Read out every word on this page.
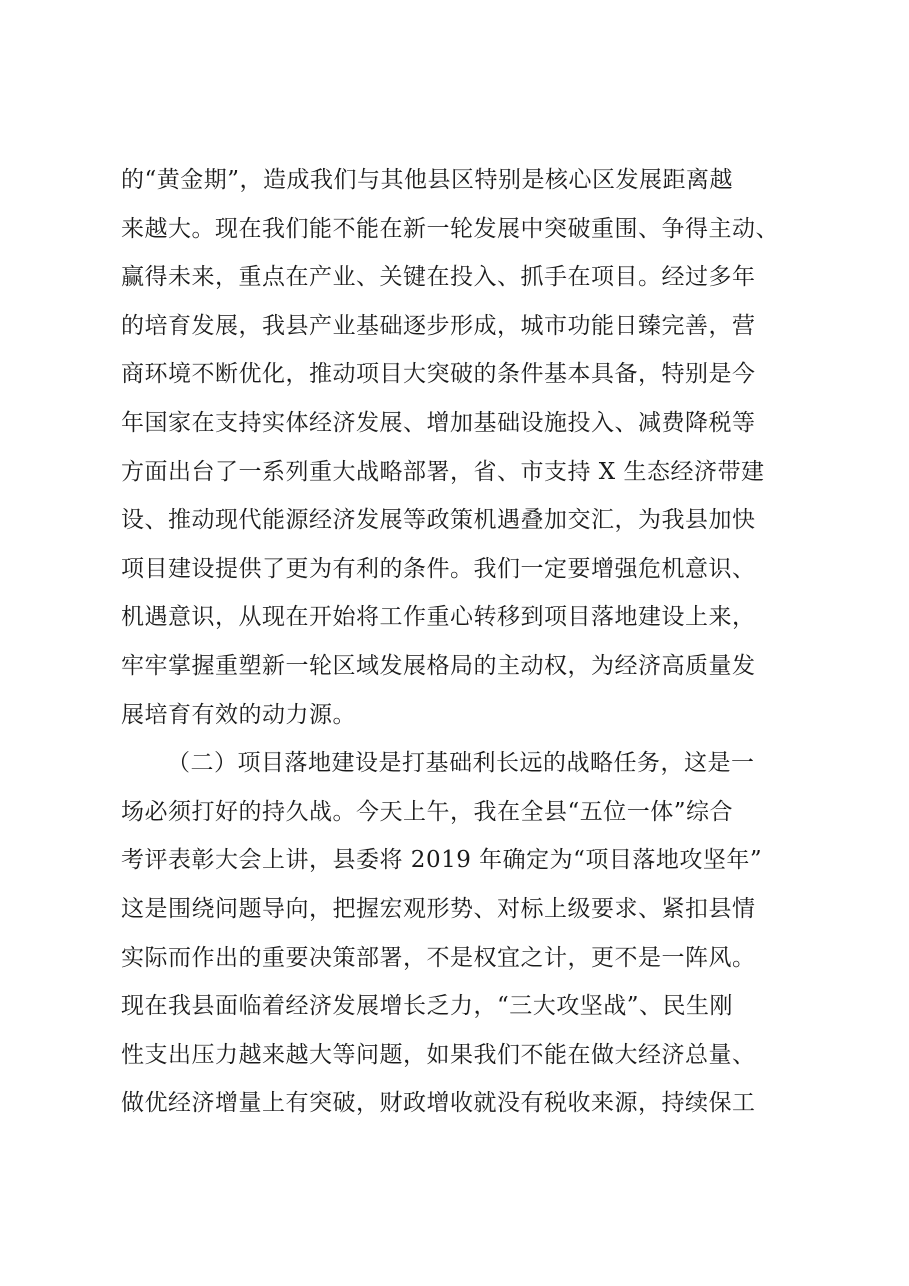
的“黄金期”，造成我们与其他县区特别是核心区发展距离越
来越大。现在我们能不能在新一轮发展中突破重围、争得主动、
赢得未来，重点在产业、关键在投入、抓手在项目。经过多年
的培育发展，我县产业基础逐步形成，城市功能日臻完善，营
商环境不断优化，推动项目大突破的条件基本具备，特别是今
年国家在支持实体经济发展、增加基础设施投入、减费降税等
方面出台了一系列重大战略部署，省、市支持 X 生态经济带建
设、推动现代能源经济发展等政策机遇叠加交汇，为我县加快
项目建设提供了更为有利的条件。我们一定要增强危机意识、
机遇意识，从现在开始将工作重心转移到项目落地建设上来，
牢牢掌握重塑新一轮区域发展格局的主动权，为经济高质量发
展培育有效的动力源。
（二）项目落地建设是打基础利长远的战略任务，这是一
场必须打好的持久战。今天上午，我在全县“五位一体”综合
考评表彰大会上讲，县委将 2019 年确定为“项目落地攻坚年”
这是围绕问题导向，把握宏观形势、对标上级要求、紧扣县情
实际而作出的重要决策部署，不是权宜之计，更不是一阵风。
现在我县面临着经济发展增长乏力，“三大攻坚战”、民生刚
性支出压力越来越大等问题，如果我们不能在做大经济总量、
做优经济增量上有突破，财政增收就没有税收来源，持续保工
